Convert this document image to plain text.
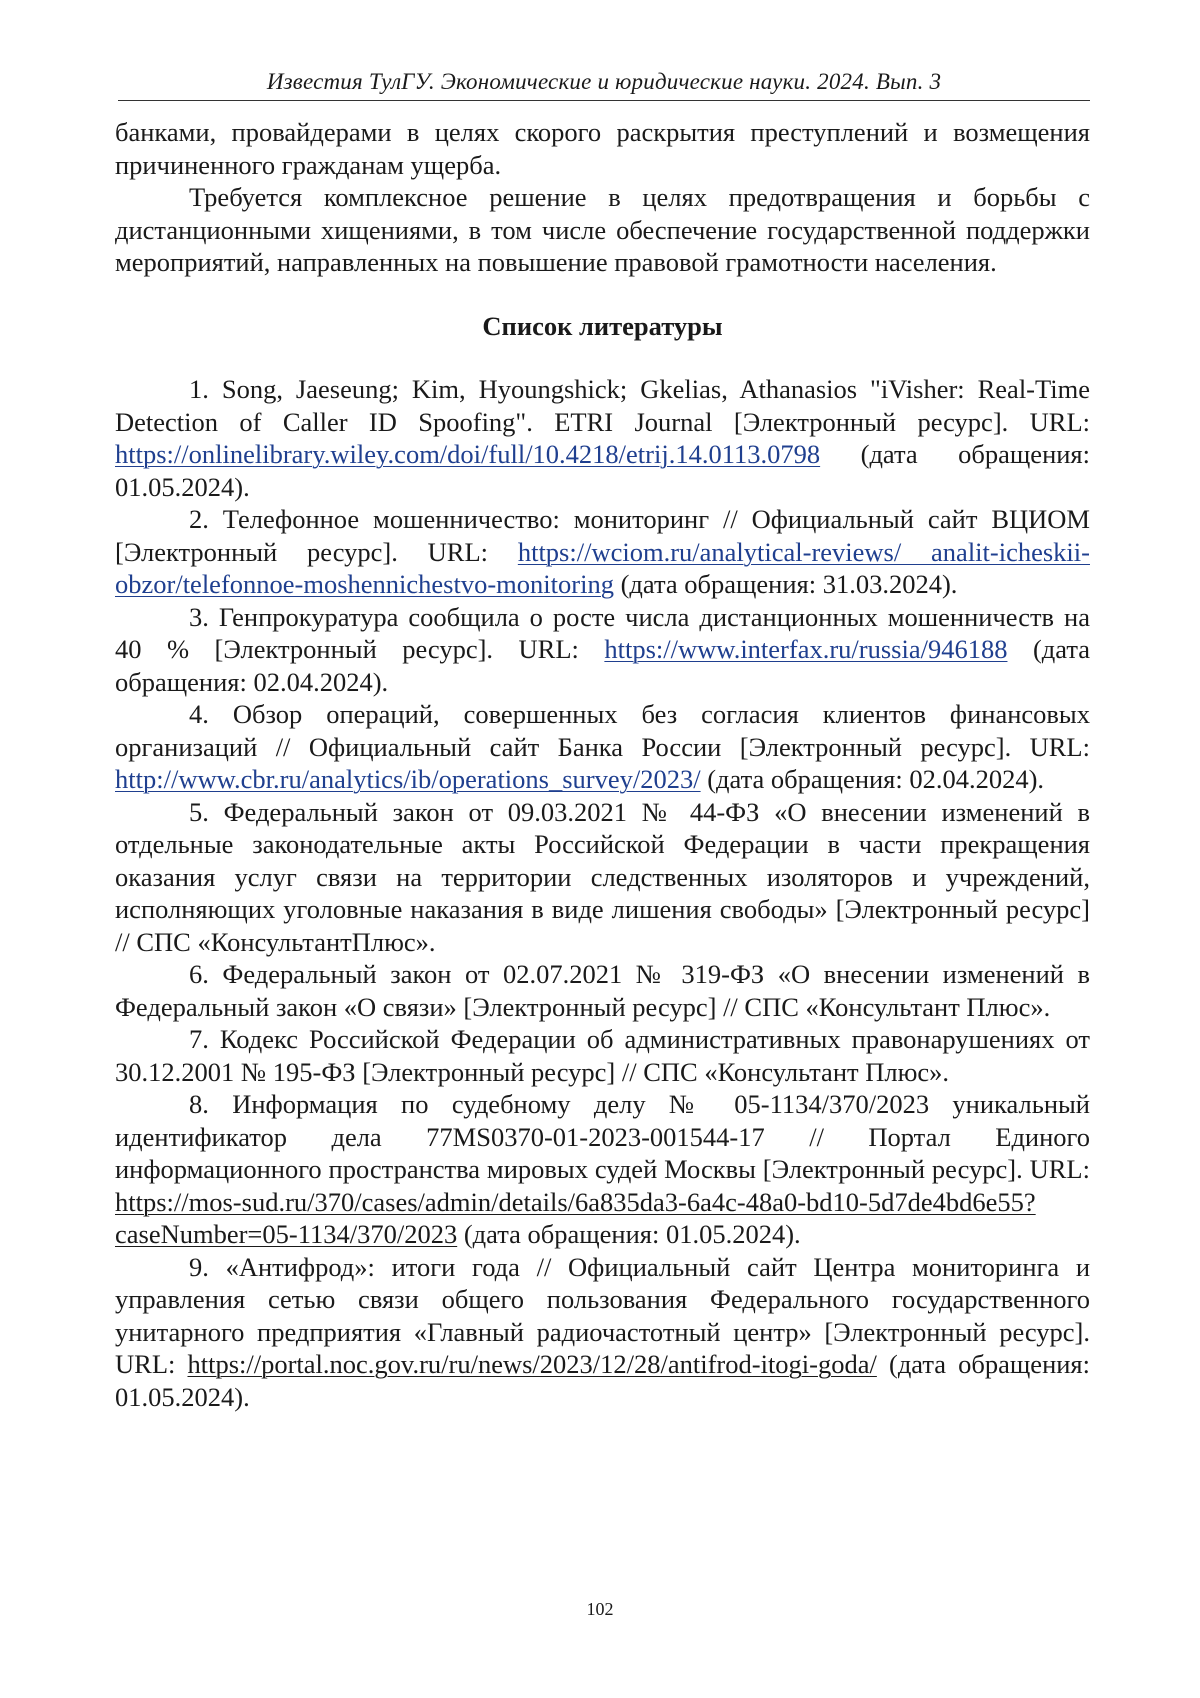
Известия ТулГУ. Экономические и юридические науки. 2024. Вып. 3

банками, провайдерами в целях скорого раскрытия преступлений и возмещения причиненного гражданам ущерба.

Требуется комплексное решение в целях предотвращения и борьбы с дистанционными хищениями, в том числе обеспечение государственной поддержки мероприятий, направленных на повышение правовой грамотности населения.

Список литературы

1. Song, Jaeseung; Kim, Hyoungshick; Gkelias, Athanasios "iVisher: Real-Time Detection of Caller ID Spoofing". ETRI Journal [Электронный ресурс]. URL: https://onlinelibrary.wiley.com/doi/full/10.4218/etrij.14.0113.0798 (дата обращения: 01.05.2024).

2. Телефонное мошенничество: мониторинг // Официальный сайт ВЦИОМ [Электронный ресурс]. URL: https://wciom.ru/analytical-reviews/ analit-icheskii-obzor/telefonnoe-moshennichestvo-monitoring (дата обращения: 31.03.2024).

3. Генпрокуратура сообщила о росте числа дистанционных мошенничеств на 40 % [Электронный ресурс]. URL: https://www.interfax.ru/russia/946188 (дата обращения: 02.04.2024).

4. Обзор операций, совершенных без согласия клиентов финансовых организаций // Официальный сайт Банка России [Электронный ресурс]. URL: http://www.cbr.ru/analytics/ib/operations_survey/2023/ (дата обращения: 02.04.2024).

5. Федеральный закон от 09.03.2021 № 44-ФЗ «О внесении изменений в отдельные законодательные акты Российской Федерации в части прекращения оказания услуг связи на территории следственных изоляторов и учреждений, исполняющих уголовные наказания в виде лишения свободы» [Электронный ресурс] // СПС «КонсультантПлюс».

6. Федеральный закон от 02.07.2021 № 319-ФЗ «О внесении изменений в Федеральный закон «О связи» [Электронный ресурс] // СПС «Консультант Плюс».

7. Кодекс Российской Федерации об административных правонарушениях от 30.12.2001 № 195-ФЗ [Электронный ресурс] // СПС «Консультант Плюс».

8. Информация по судебному делу № 05-1134/370/2023 уникальный идентификатор дела 77MS0370-01-2023-001544-17 // Портал Единого информационного пространства мировых судей Москвы [Электронный ресурс]. URL: https://mos-sud.ru/370/cases/admin/details/6a835da3-6a4c-48a0-bd10-5d7de4bd6e55?caseNumber=05-1134/370/2023 (дата обращения: 01.05.2024).

9. «Антифрод»: итоги года // Официальный сайт Центра мониторинга и управления сетью связи общего пользования Федерального государственного унитарного предприятия «Главный радиочастотный центр» [Электронный ресурс]. URL: https://portal.noc.gov.ru/ru/news/2023/12/28/antifrod-itogi-goda/ (дата обращения: 01.05.2024).

102
